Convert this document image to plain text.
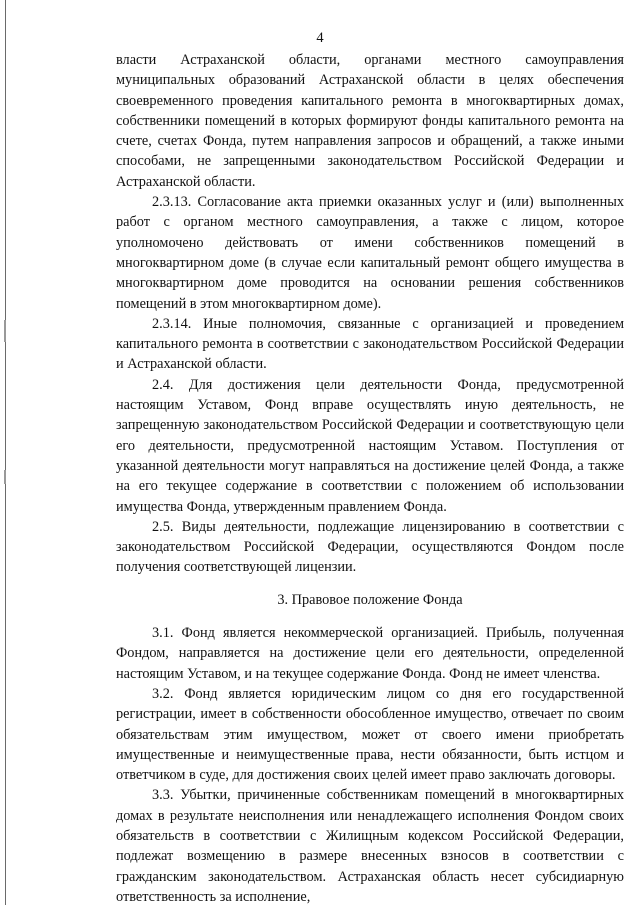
4

власти Астраханской области, органами местного самоуправления муниципальных образований Астраханской области в целях обеспечения своевременного проведения капитального ремонта в многоквартирных домах, собственники помещений в которых формируют фонды капитального ремонта на счете, счетах Фонда, путем направления запросов и обращений, а также иными способами, не запрещенными законодательством Российской Федерации и Астраханской области.

2.3.13. Согласование акта приемки оказанных услуг и (или) выполненных работ с органом местного самоуправления, а также с лицом, которое уполномочено действовать от имени собственников помещений в многоквартирном доме (в случае если капитальный ремонт общего имущества в многоквартирном доме проводится на основании решения собственников помещений в этом многоквартирном доме).

2.3.14. Иные полномочия, связанные с организацией и проведением капитального ремонта в соответствии с законодательством Российской Федерации и Астраханской области.

2.4. Для достижения цели деятельности Фонда, предусмотренной настоящим Уставом, Фонд вправе осуществлять иную деятельность, не запрещенную законодательством Российской Федерации и соответствующую цели его деятельности, предусмотренной настоящим Уставом. Поступления от указанной деятельности могут направляться на достижение целей Фонда, а также на его текущее содержание в соответствии с положением об использовании имущества Фонда, утвержденным правлением Фонда.

2.5. Виды деятельности, подлежащие лицензированию в соответствии с законодательством Российской Федерации, осуществляются Фондом после получения соответствующей лицензии.

3. Правовое положение Фонда

3.1. Фонд является некоммерческой организацией. Прибыль, полученная Фондом, направляется на достижение цели его деятельности, определенной настоящим Уставом, и на текущее содержание Фонда. Фонд не имеет членства.

3.2. Фонд является юридическим лицом со дня его государственной регистрации, имеет в собственности обособленное имущество, отвечает по своим обязательствам этим имуществом, может от своего имени приобретать имущественные и неимущественные права, нести обязанности, быть истцом и ответчиком в суде, для достижения своих целей имеет право заключать договоры.

3.3. Убытки, причиненные собственникам помещений в многоквартирных домах в результате неисполнения или ненадлежащего исполнения Фондом своих обязательств в соответствии с Жилищным кодексом Российской Федерации, подлежат возмещению в размере внесенных взносов в соответствии с гражданским законодательством. Астраханская область несет субсидиарную ответственность за исполнение,
